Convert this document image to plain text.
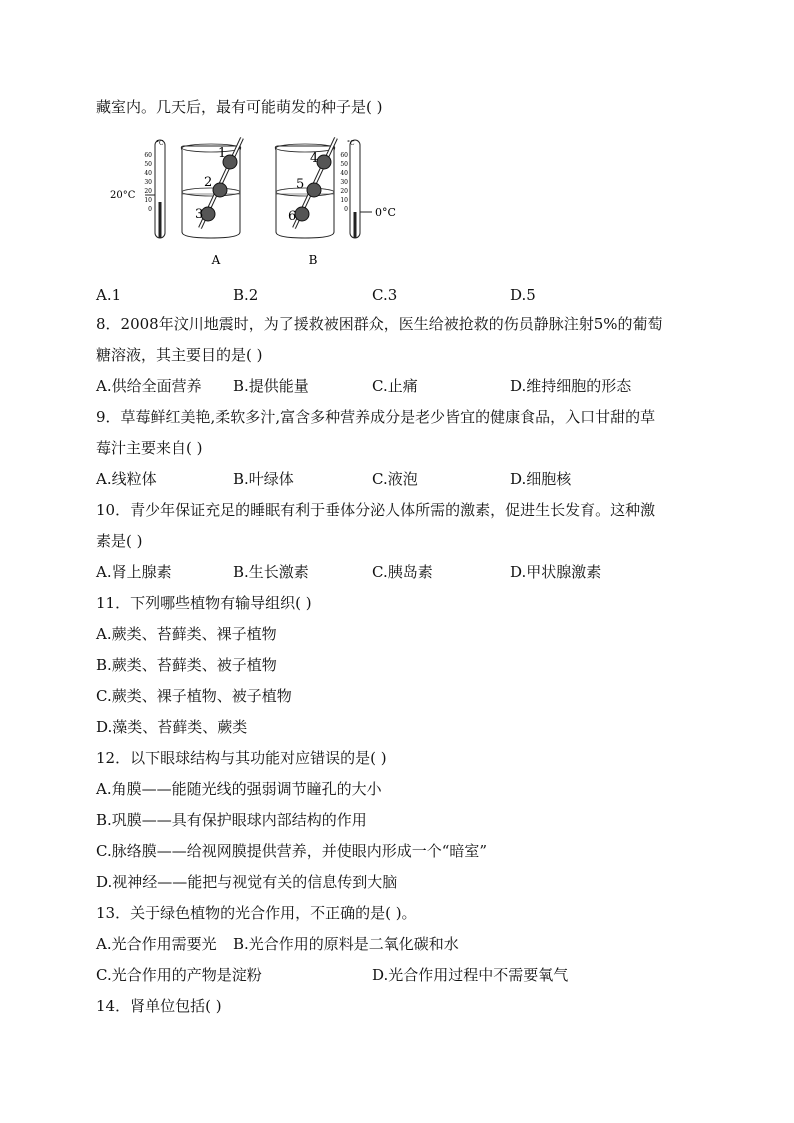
藏室内。几天后，最有可能萌发的种子是( )
°C
60
50
40
30
20
10
0
20°C
1
2
3
A
4
5
6
B
°C
60
50
40
30
20
10
0 0°C
A.1	B.2	C.3	D.5
8．2008年汶川地震时，为了援救被困群众，医生给被抢救的伤员静脉注射5%的葡萄
糖溶液，其主要目的是( )
A.供给全面营养 B.提供能量	C.止痛	D.维持细胞的形态
9．草莓鲜红美艳,柔软多汁,富含多种营养成分是老少皆宜的健康食品，入口甘甜的草
莓汁主要来自( )
A.线粒体	B.叶绿体	C.液泡	D.细胞核
10．青少年保证充足的睡眠有利于垂体分泌人体所需的激素，促进生长发育。这种激
素是( )
A.肾上腺素	B.生长激素	C.胰岛素	D.甲状腺激素
11．下列哪些植物有输导组织( )
A.蕨类、苔藓类、裸子植物
B.蕨类、苔藓类、被子植物
C.蕨类、裸子植物、被子植物
D.藻类、苔藓类、蕨类
12．以下眼球结构与其功能对应错误的是( )
A.角膜——能随光线的强弱调节瞳孔的大小
B.巩膜——具有保护眼球内部结构的作用
C.脉络膜——给视网膜提供营养，并使眼内形成一个“暗室”
D.视神经——能把与视觉有关的信息传到大脑
13．关于绿色植物的光合作用，不正确的是( )。
A.光合作用需要光 B.光合作用的原料是二氧化碳和水
C.光合作用的产物是淀粉	D.光合作用过程中不需要氧气
14．肾单位包括( )
